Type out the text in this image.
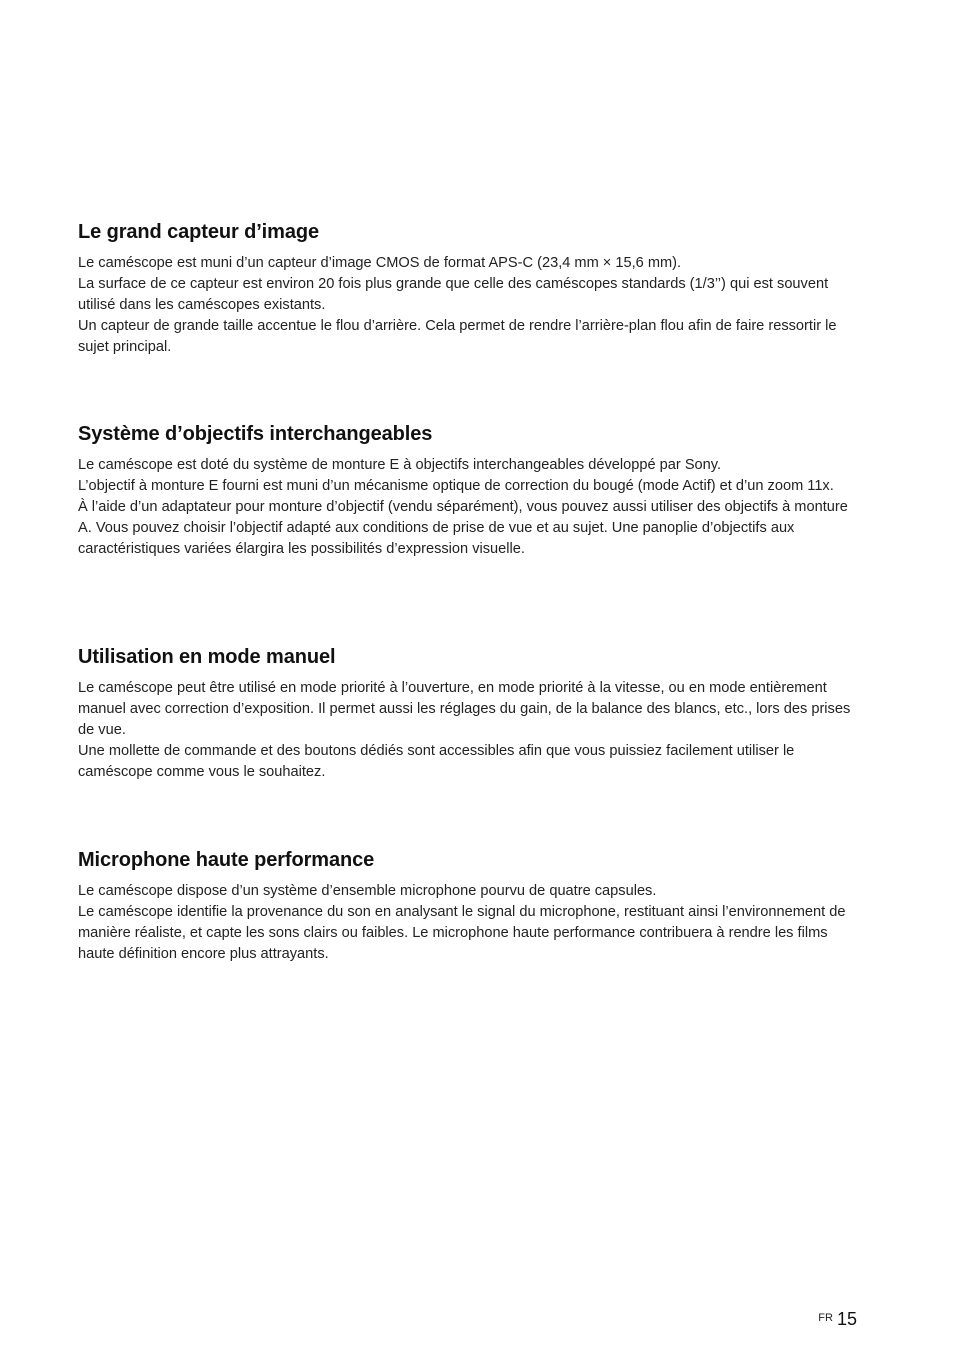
Le grand capteur d’image

Le caméscope est muni d’un capteur d’image CMOS de format APS-C (23,4 mm × 15,6 mm).

La surface de ce capteur est environ 20 fois plus grande que celle des caméscopes standards (1/3’’) qui est souvent utilisé dans les caméscopes existants.

Un capteur de grande taille accentue le flou d’arrière. Cela permet de rendre l’arrière-plan flou afin de faire ressortir le sujet principal.

Système d’objectifs interchangeables

Le caméscope est doté du système de monture E à objectifs interchangeables développé par Sony.

L’objectif à monture E fourni est muni d’un mécanisme optique de correction du bougé (mode Actif) et d’un zoom 11x.

À l’aide d’un adaptateur pour monture d’objectif (vendu séparément), vous pouvez aussi utiliser des objectifs à monture A. Vous pouvez choisir l’objectif adapté aux conditions de prise de vue et au sujet. Une panoplie d’objectifs aux caractéristiques variées élargira les possibilités d’expression visuelle.

Utilisation en mode manuel

Le caméscope peut être utilisé en mode priorité à l’ouverture, en mode priorité à la vitesse, ou en mode entièrement manuel avec correction d’exposition. Il permet aussi les réglages du gain, de la balance des blancs, etc., lors des prises de vue.

Une mollette de commande et des boutons dédiés sont accessibles afin que vous puissiez facilement utiliser le caméscope comme vous le souhaitez.

Microphone haute performance

Le caméscope dispose d’un système d’ensemble microphone pourvu de quatre capsules.

Le caméscope identifie la provenance du son en analysant le signal du microphone, restituant ainsi l’environnement de manière réaliste, et capte les sons clairs ou faibles. Le microphone haute performance contribuera à rendre les films haute définition encore plus attrayants.

FR 15
